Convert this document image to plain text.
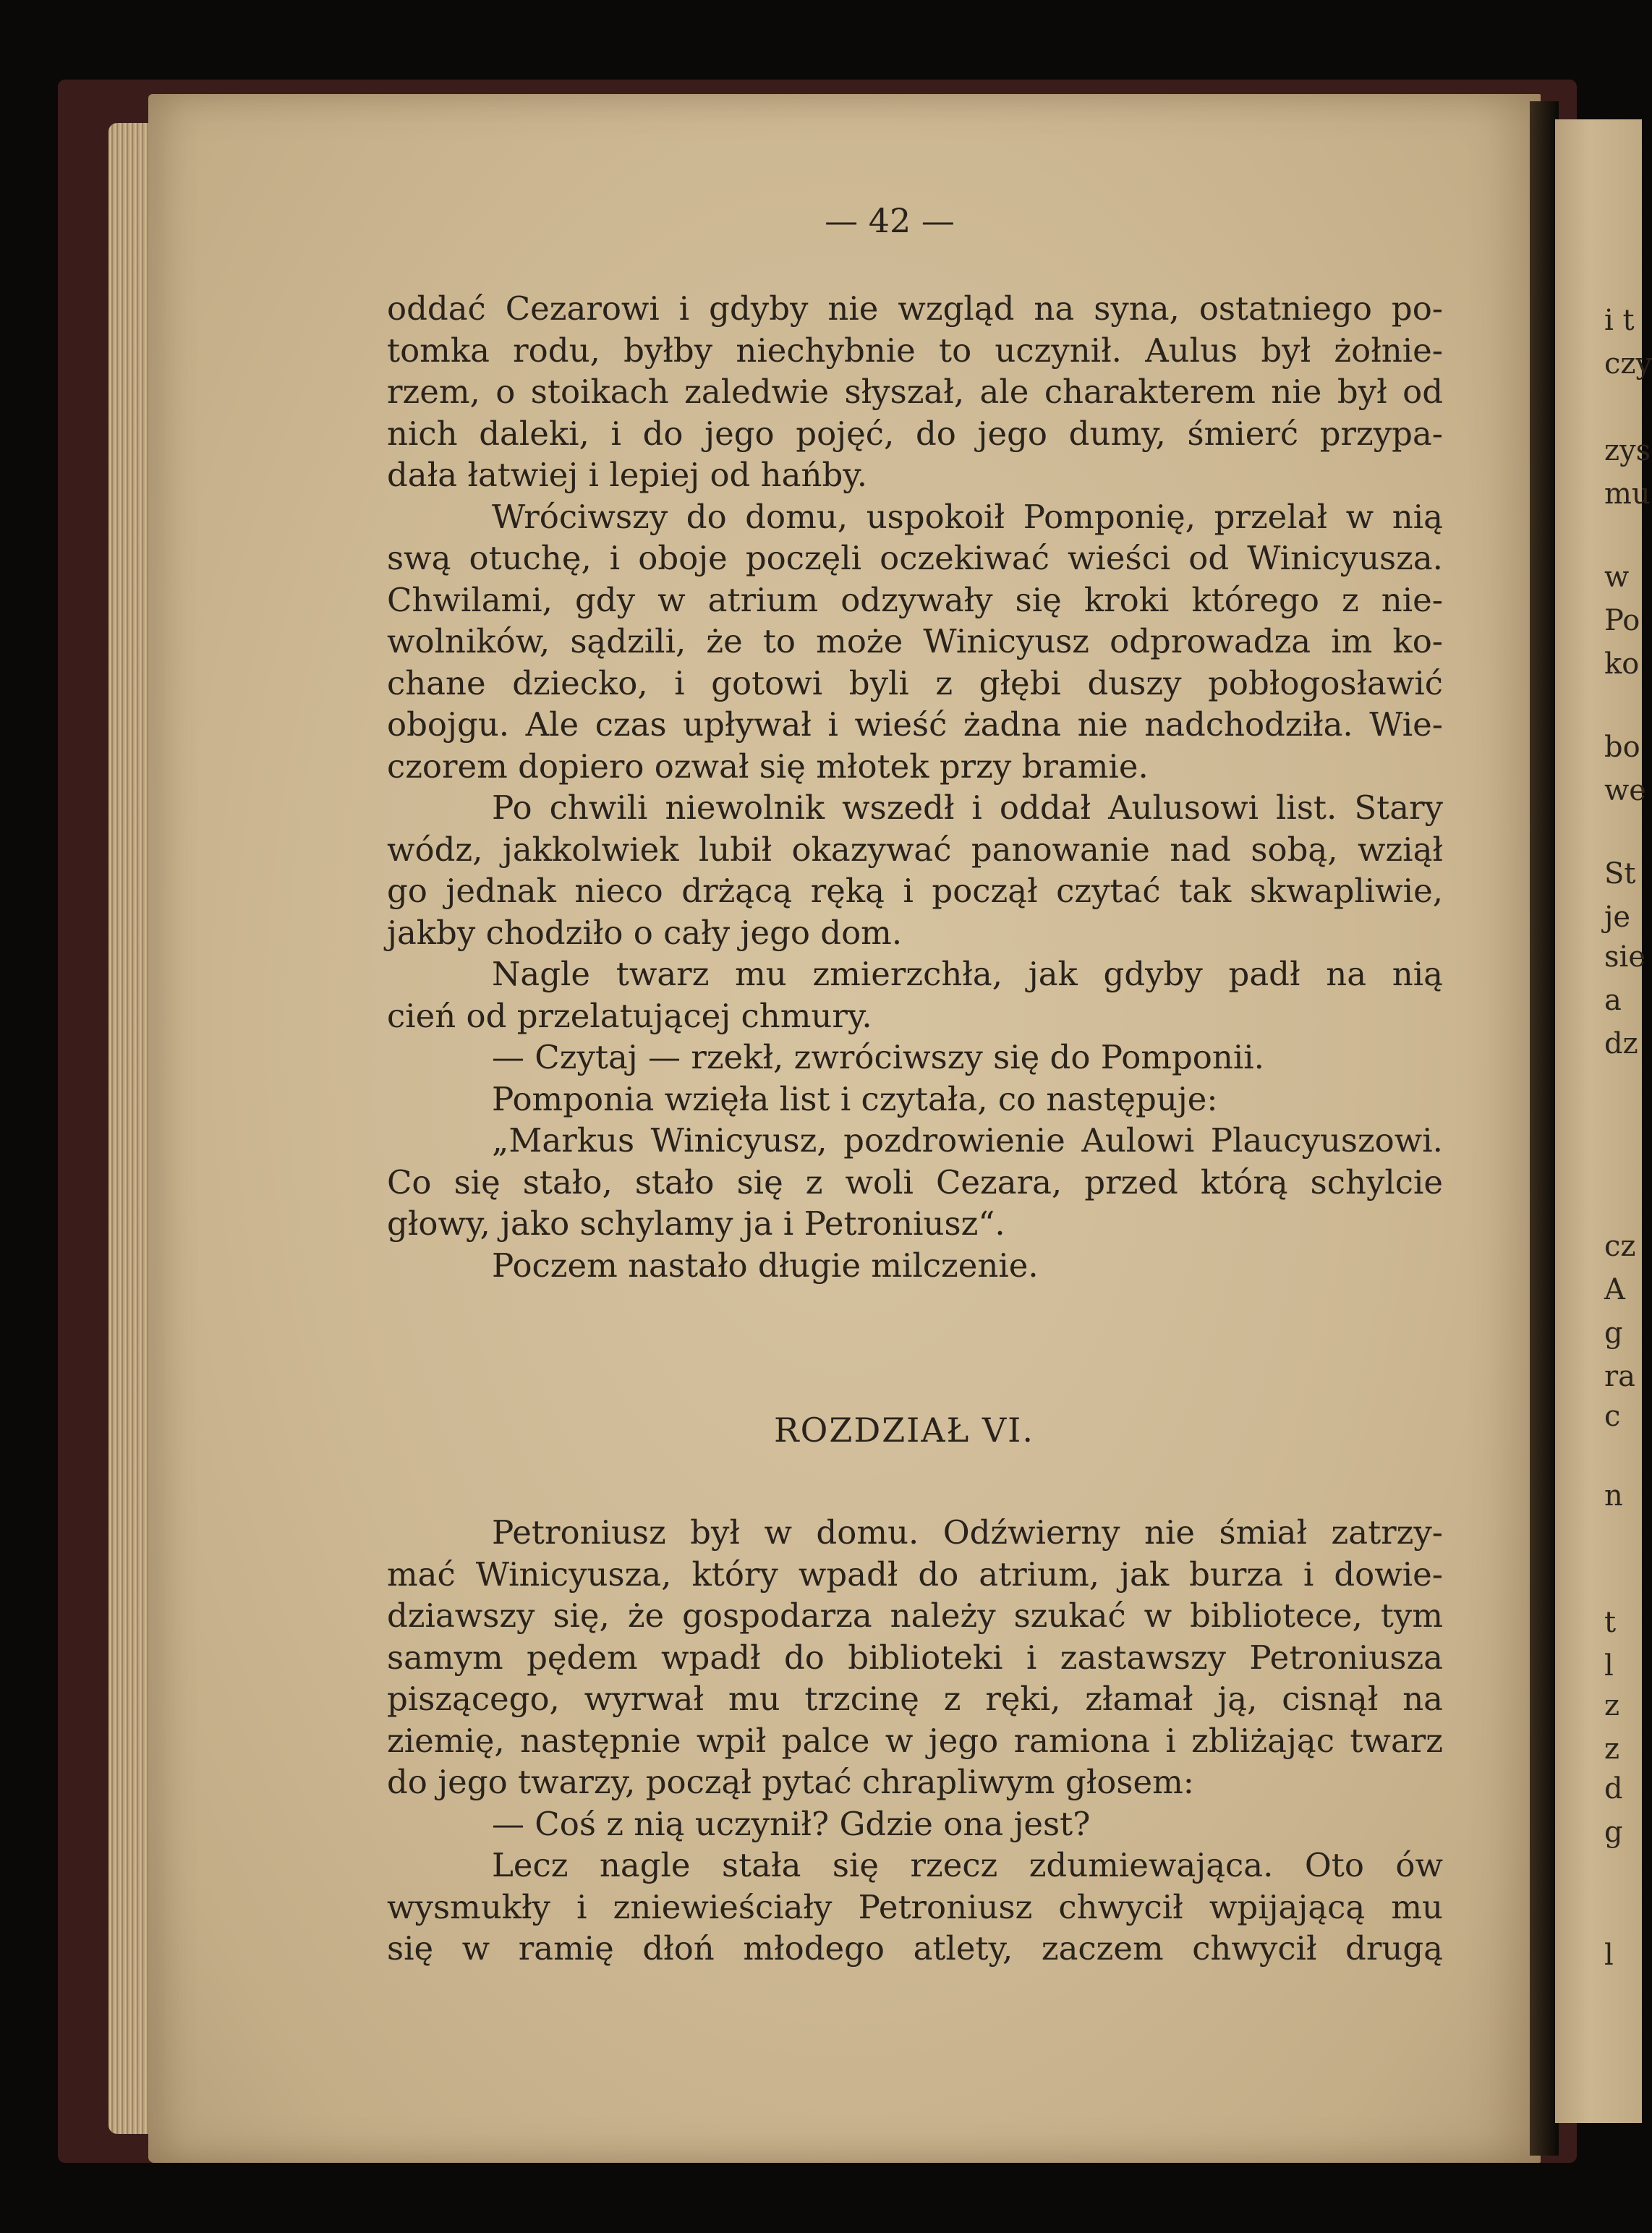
i t
czy
zys
mu
w
Po
ko
bo
we
St
je
sie
a
dz
cz
A
g
ra
c
n
t
l
z
z
d
g
l
— 42 —
oddać Cezarowi i gdyby nie wzgląd na syna, ostatniego po-
tomka rodu, byłby niechybnie to uczynił. Aulus był żołnie-
rzem, o stoikach zaledwie słyszał, ale charakterem nie był od
nich daleki, i do jego pojęć, do jego dumy, śmierć przypa-
dała łatwiej i lepiej od hańby.
Wróciwszy do domu, uspokoił Pomponię, przelał w nią
swą otuchę, i oboje poczęli oczekiwać wieści od Winicyusza.
Chwilami, gdy w atrium odzywały się kroki którego z nie-
wolników, sądzili, że to może Winicyusz odprowadza im ko-
chane dziecko, i gotowi byli z głębi duszy pobłogosławić
obojgu. Ale czas upływał i wieść żadna nie nadchodziła. Wie-
czorem dopiero ozwał się młotek przy bramie.
Po chwili niewolnik wszedł i oddał Aulusowi list. Stary
wódz, jakkolwiek lubił okazywać panowanie nad sobą, wziął
go jednak nieco drżącą ręką i począł czytać tak skwapliwie,
jakby chodziło o cały jego dom.
Nagle twarz mu zmierzchła, jak gdyby padł na nią
cień od przelatującej chmury.
— Czytaj — rzekł, zwróciwszy się do Pomponii.
Pomponia wzięła list i czytała, co następuje:
„Markus Winicyusz, pozdrowienie Aulowi Plaucyuszowi.
Co się stało, stało się z woli Cezara, przed którą schylcie
głowy, jako schylamy ja i Petroniusz“.
Poczem nastało długie milczenie.
ROZDZIAŁ VI.
Petroniusz był w domu. Odźwierny nie śmiał zatrzy-
mać Winicyusza, który wpadł do atrium, jak burza i dowie-
dziawszy się, że gospodarza należy szukać w bibliotece, tym
samym pędem wpadł do biblioteki i zastawszy Petroniusza
piszącego, wyrwał mu trzcinę z ręki, złamał ją, cisnął na
ziemię, następnie wpił palce w jego ramiona i zbliżając twarz
do jego twarzy, począł pytać chrapliwym głosem:
— Coś z nią uczynił? Gdzie ona jest?
Lecz nagle stała się rzecz zdumiewająca. Oto ów
wysmukły i zniewieściały Petroniusz chwycił wpijającą mu
się w ramię dłoń młodego atlety, zaczem chwycił drugą
